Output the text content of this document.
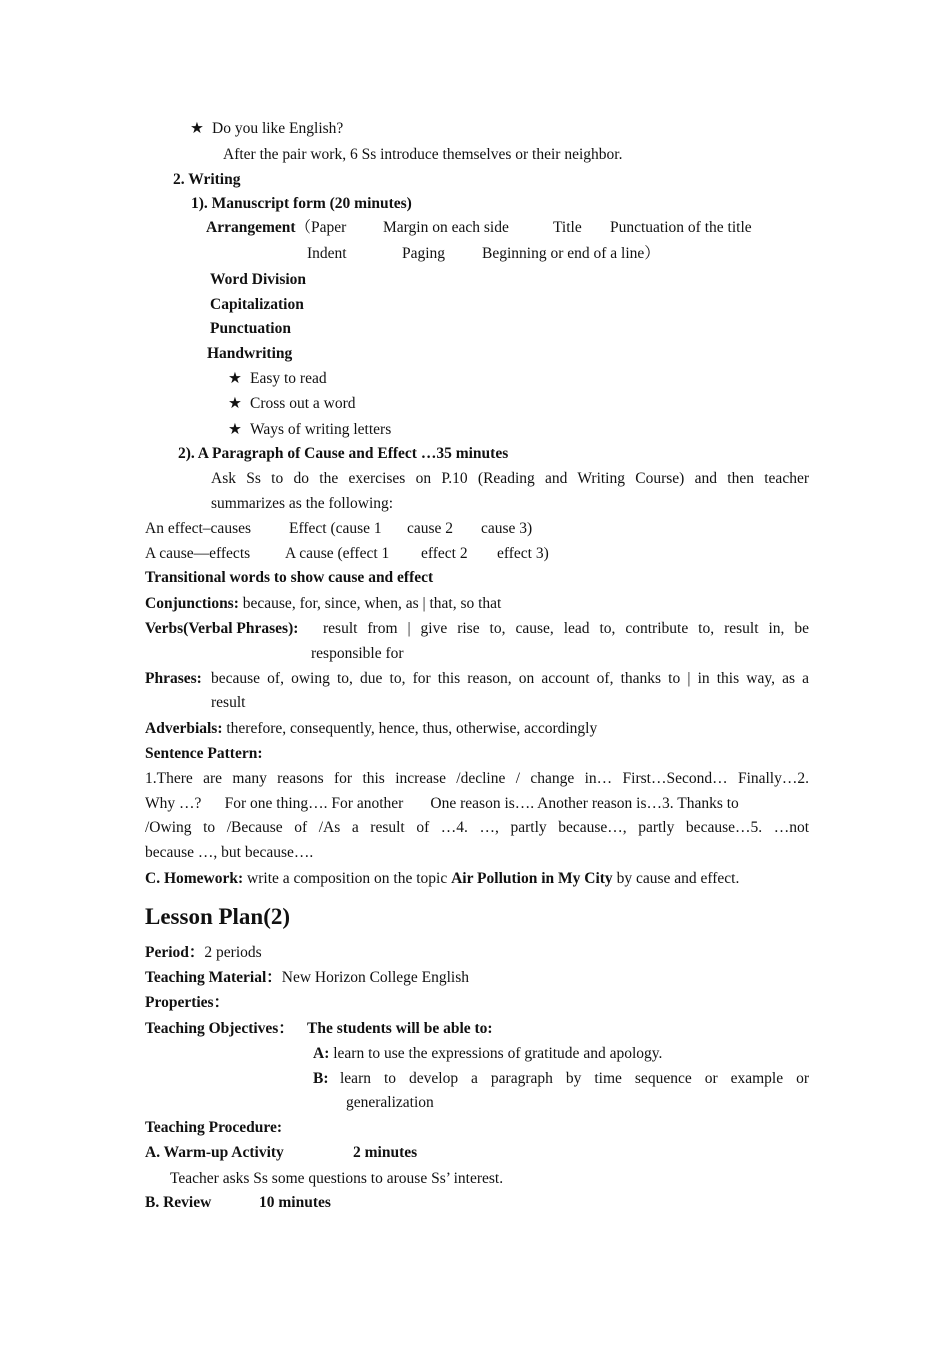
★ Do you like English?
After the pair work, 6 Ss introduce themselves or their neighbor.
2. Writing
1). Manuscript form (20 minutes)
Arrangement（Paper Margin on each side	Title Punctuation of the title
Indent	Paging Beginning or end of a line）
Word Division
Capitalization
Punctuation
Handwriting
★ Easy to read
★ Cross out a word
★ Ways of writing letters
2). A Paragraph of Cause and Effect …35 minutes
Ask Ss to do the exercises on P.10 (Reading and Writing Course) and then teacher
summarizes as the following:
An effect–causes Effect (cause 1 cause 2 cause 3)
A cause—effects A cause (effect 1 effect 2 effect 3)
Transitional words to show cause and effect
Conjunctions: because, for, since, when, as | that, so that
Verbs(Verbal Phrases): result from | give rise to, cause, lead to, contribute to, result in, be
responsible for
Phrases: because of, owing to, due to, for this reason, on account of, thanks to | in this way, as a
result
Adverbials: therefore, consequently, hence, thus, otherwise, accordingly
Sentence Pattern:
1.There are many reasons for this increase /decline / change in… First…Second… Finally…2.
Why …?      For one thing…. For another       One reason is…. Another reason is…3. Thanks to
/Owing to /Because of /As a result of …4. …, partly because…, partly because…5. …not
because …, but because….
C. Homework: write a composition on the topic Air Pollution in My City by cause and effect.
Lesson Plan(2)
Period：2 periods
Teaching Material：New Horizon College English
Properties：
Teaching Objectives： The students will be able to:
A: learn to use the expressions of gratitude and apology.
B: learn to develop a paragraph by time sequence or example or
generalization
Teaching Procedure:
A. Warm-up Activity	2 minutes
Teacher asks Ss some questions to arouse Ss’ interest.
B. Review	10 minutes
